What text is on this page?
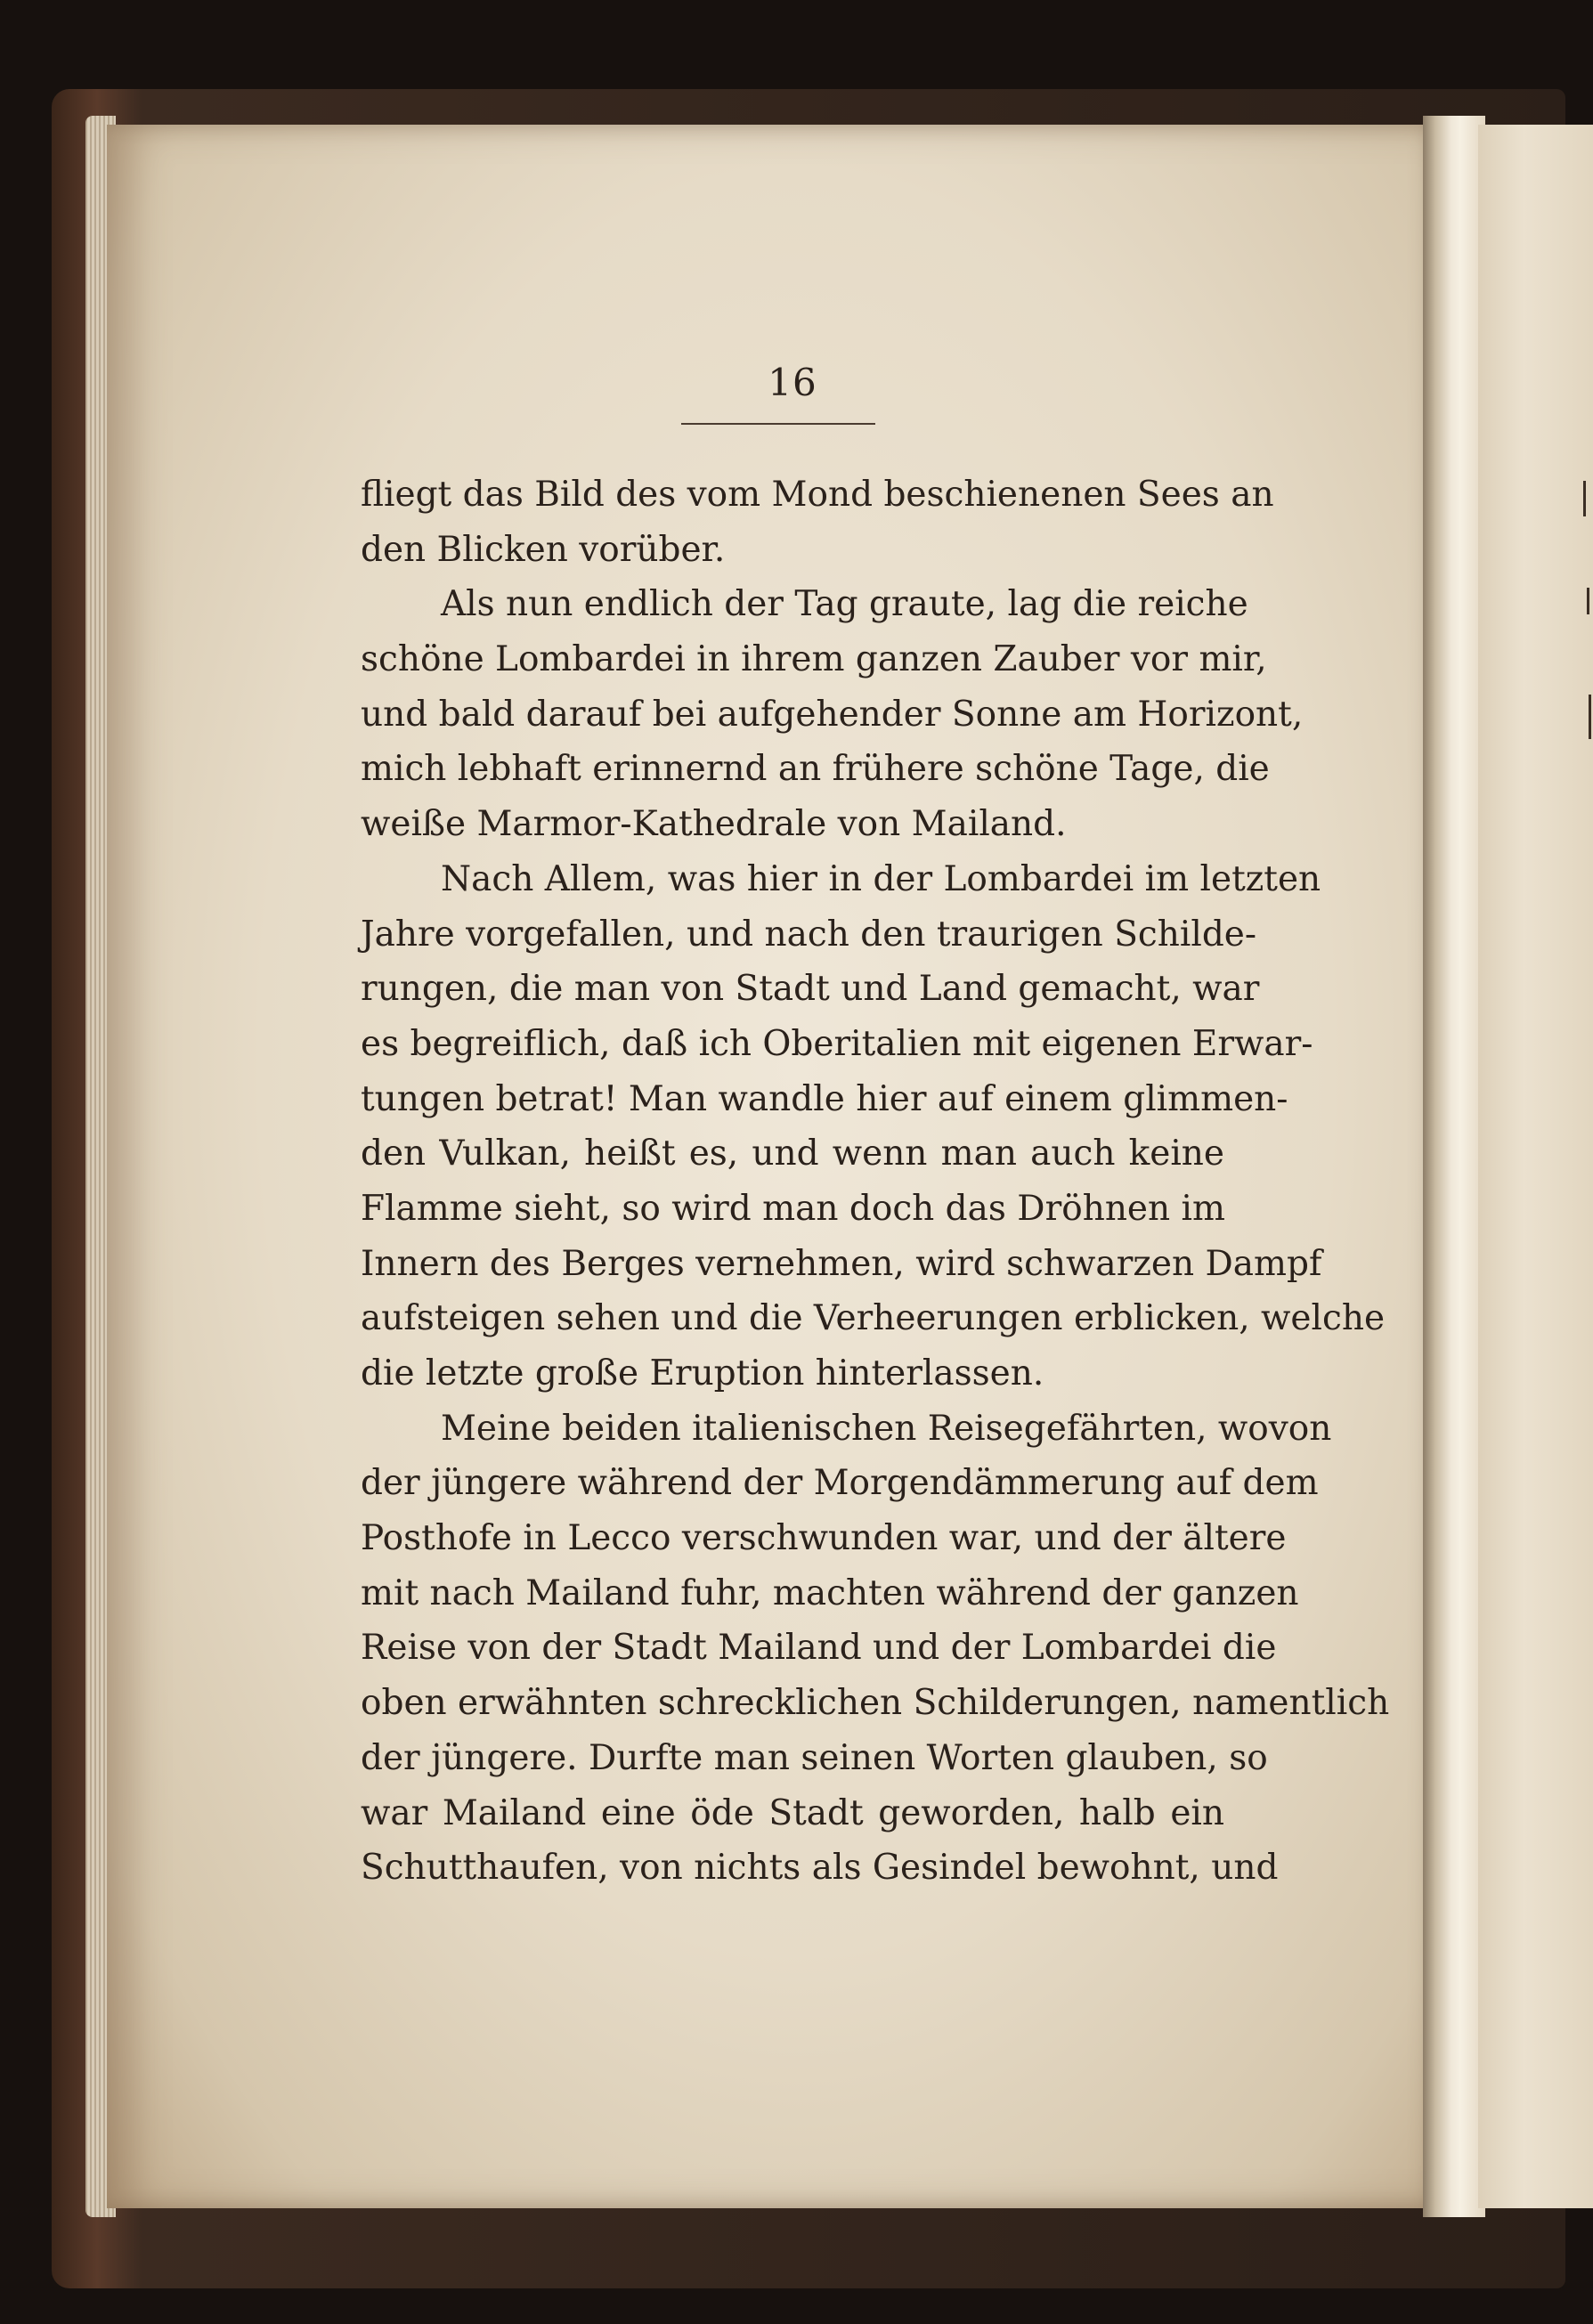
16
fliegt das Bild des vom Mond beschienenen Sees an
den Blicken vorüber.
Als nun endlich der Tag graute, lag die reiche
schöne Lombardei in ihrem ganzen Zauber vor mir,
und bald darauf bei aufgehender Sonne am Horizont,
mich lebhaft erinnernd an frühere schöne Tage, die
weiße Marmor-Kathedrale von Mailand.
Nach Allem, was hier in der Lombardei im letzten
Jahre vorgefallen, und nach den traurigen Schilde-
rungen, die man von Stadt und Land gemacht, war
es begreiflich, daß ich Oberitalien mit eigenen Erwar-
tungen betrat! Man wandle hier auf einem glimmen-
den Vulkan, heißt es, und wenn man auch keine
Flamme sieht, so wird man doch das Dröhnen im
Innern des Berges vernehmen, wird schwarzen Dampf
aufsteigen sehen und die Verheerungen erblicken, welche
die letzte große Eruption hinterlassen.
Meine beiden italienischen Reisegefährten, wovon
der jüngere während der Morgendämmerung auf dem
Posthofe in Lecco verschwunden war, und der ältere
mit nach Mailand fuhr, machten während der ganzen
Reise von der Stadt Mailand und der Lombardei die
oben erwähnten schrecklichen Schilderungen, namentlich
der jüngere. Durfte man seinen Worten glauben, so
war Mailand eine öde Stadt geworden, halb ein
Schutthaufen, von nichts als Gesindel bewohnt, und
